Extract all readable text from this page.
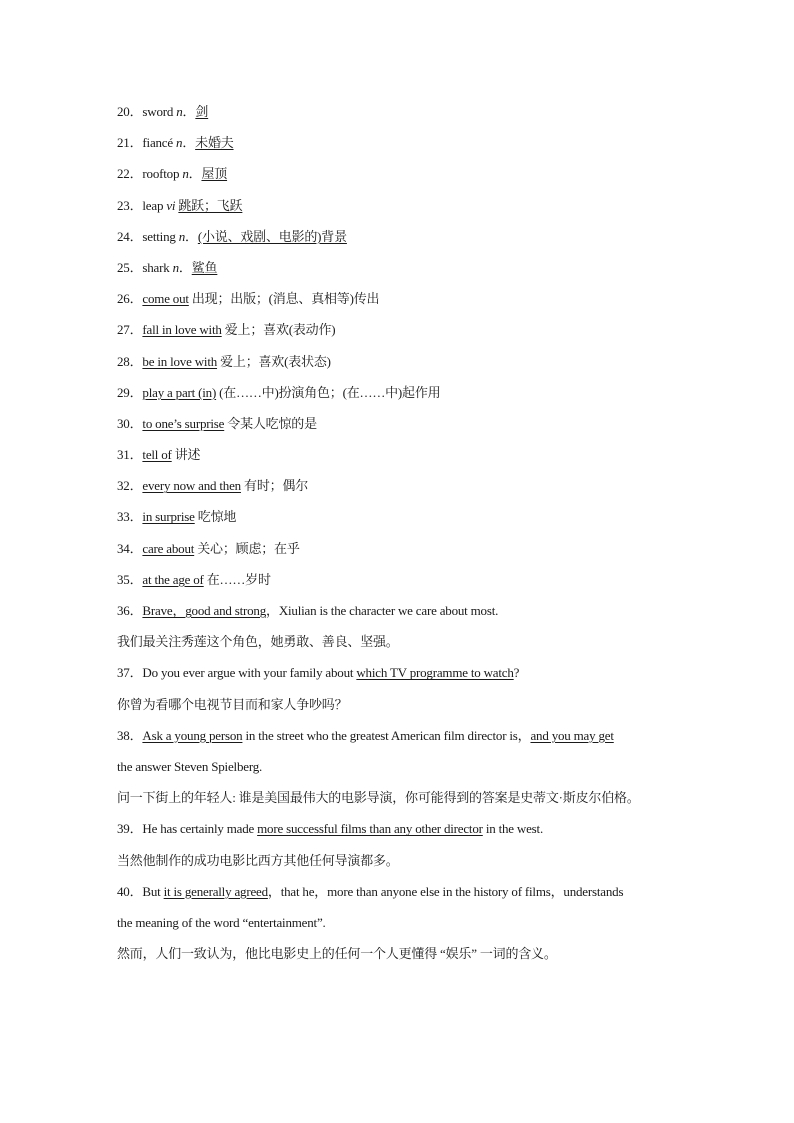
20．sword n．剑
21．fiancé n．未婚夫
22．rooftop n．屋顶
23．leap vi 跳跃；飞跃
24．setting n．(小说、戏剧、电影的)背景
25．shark n．鲨鱼
26．come out 出现；出版；(消息、真相等)传出
27．fall in love with 爱上；喜欢(表动作)
28．be in love with 爱上；喜欢(表状态)
29．play a part (in) (在……中)扮演角色；(在……中)起作用
30．to one’s surprise 令某人吃惊的是
31．tell of 讲述
32．every now and then 有时；偶尔
33．in surprise 吃惊地
34．care about 关心；顾虑；在乎
35．at the age of 在……岁时
36．Brave，good and strong，Xiulian is the character we care about most.
我们最关注秀莲这个角色，她勇敢、善良、坚强。
37．Do you ever argue with your family about which TV programme to watch?
你曾为看哪个电视节目而和家人争吵吗？
38．Ask a young person in the street who the greatest American film director is，and you may get
the answer Steven Spielberg.
问一下街上的年轻人: 谁是美国最伟大的电影导演，你可能得到的答案是史蒂文·斯皮尔伯格。
39．He has certainly made more successful films than any other director in the west.
当然他制作的成功电影比西方其他任何导演都多。
40．But it is generally agreed，that he，more than anyone else in the history of films，understands
the meaning of the word “entertainment”.
然而，人们一致认为，他比电影史上的任何一个人更懂得 “娱乐” 一词的含义。
